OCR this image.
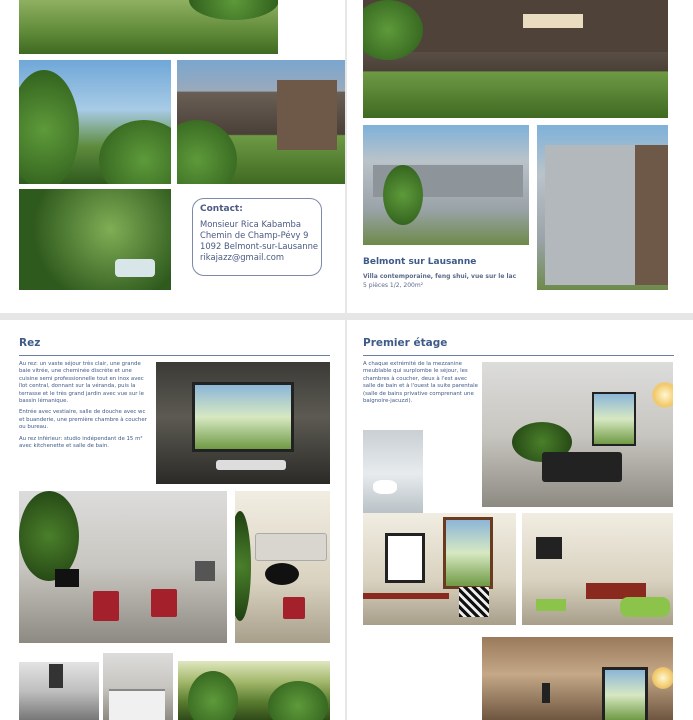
Contact:
Monsieur Rica Kabamba
Chemin de Champ-Pévy 9
1092 Belmont-sur-Lausanne
rikajazz@gmail.com	Belmont sur Lausanne
Villa contemporaine, feng shui, vue sur le lac
5 pièces 1/2, 200m²
Rez

Au rez: un vaste séjour très clair, une grande baie vitrée, une cheminée discrète et une cuisine semi professionnelle tout en inox avec îlot central, donnant sur la véranda, puis la terrasse et le très grand jardin avec vue sur le bassin lémanique.

Entrée avec vestiaire, salle de douche avec wc et buanderie, une première chambre à coucher ou bureau.

Au rez inférieur: studio indépendant de 15 m² avec kitchenette et salle de bain.

Premier étage

A chaque extrémité de la mezzanine meublable qui surplombe le séjour, les chambres à coucher, deux à l'est avec salle de bain et à l'ouest la suite parentale (salle de bains privative comprenant une baignoire-jacuzzi).
